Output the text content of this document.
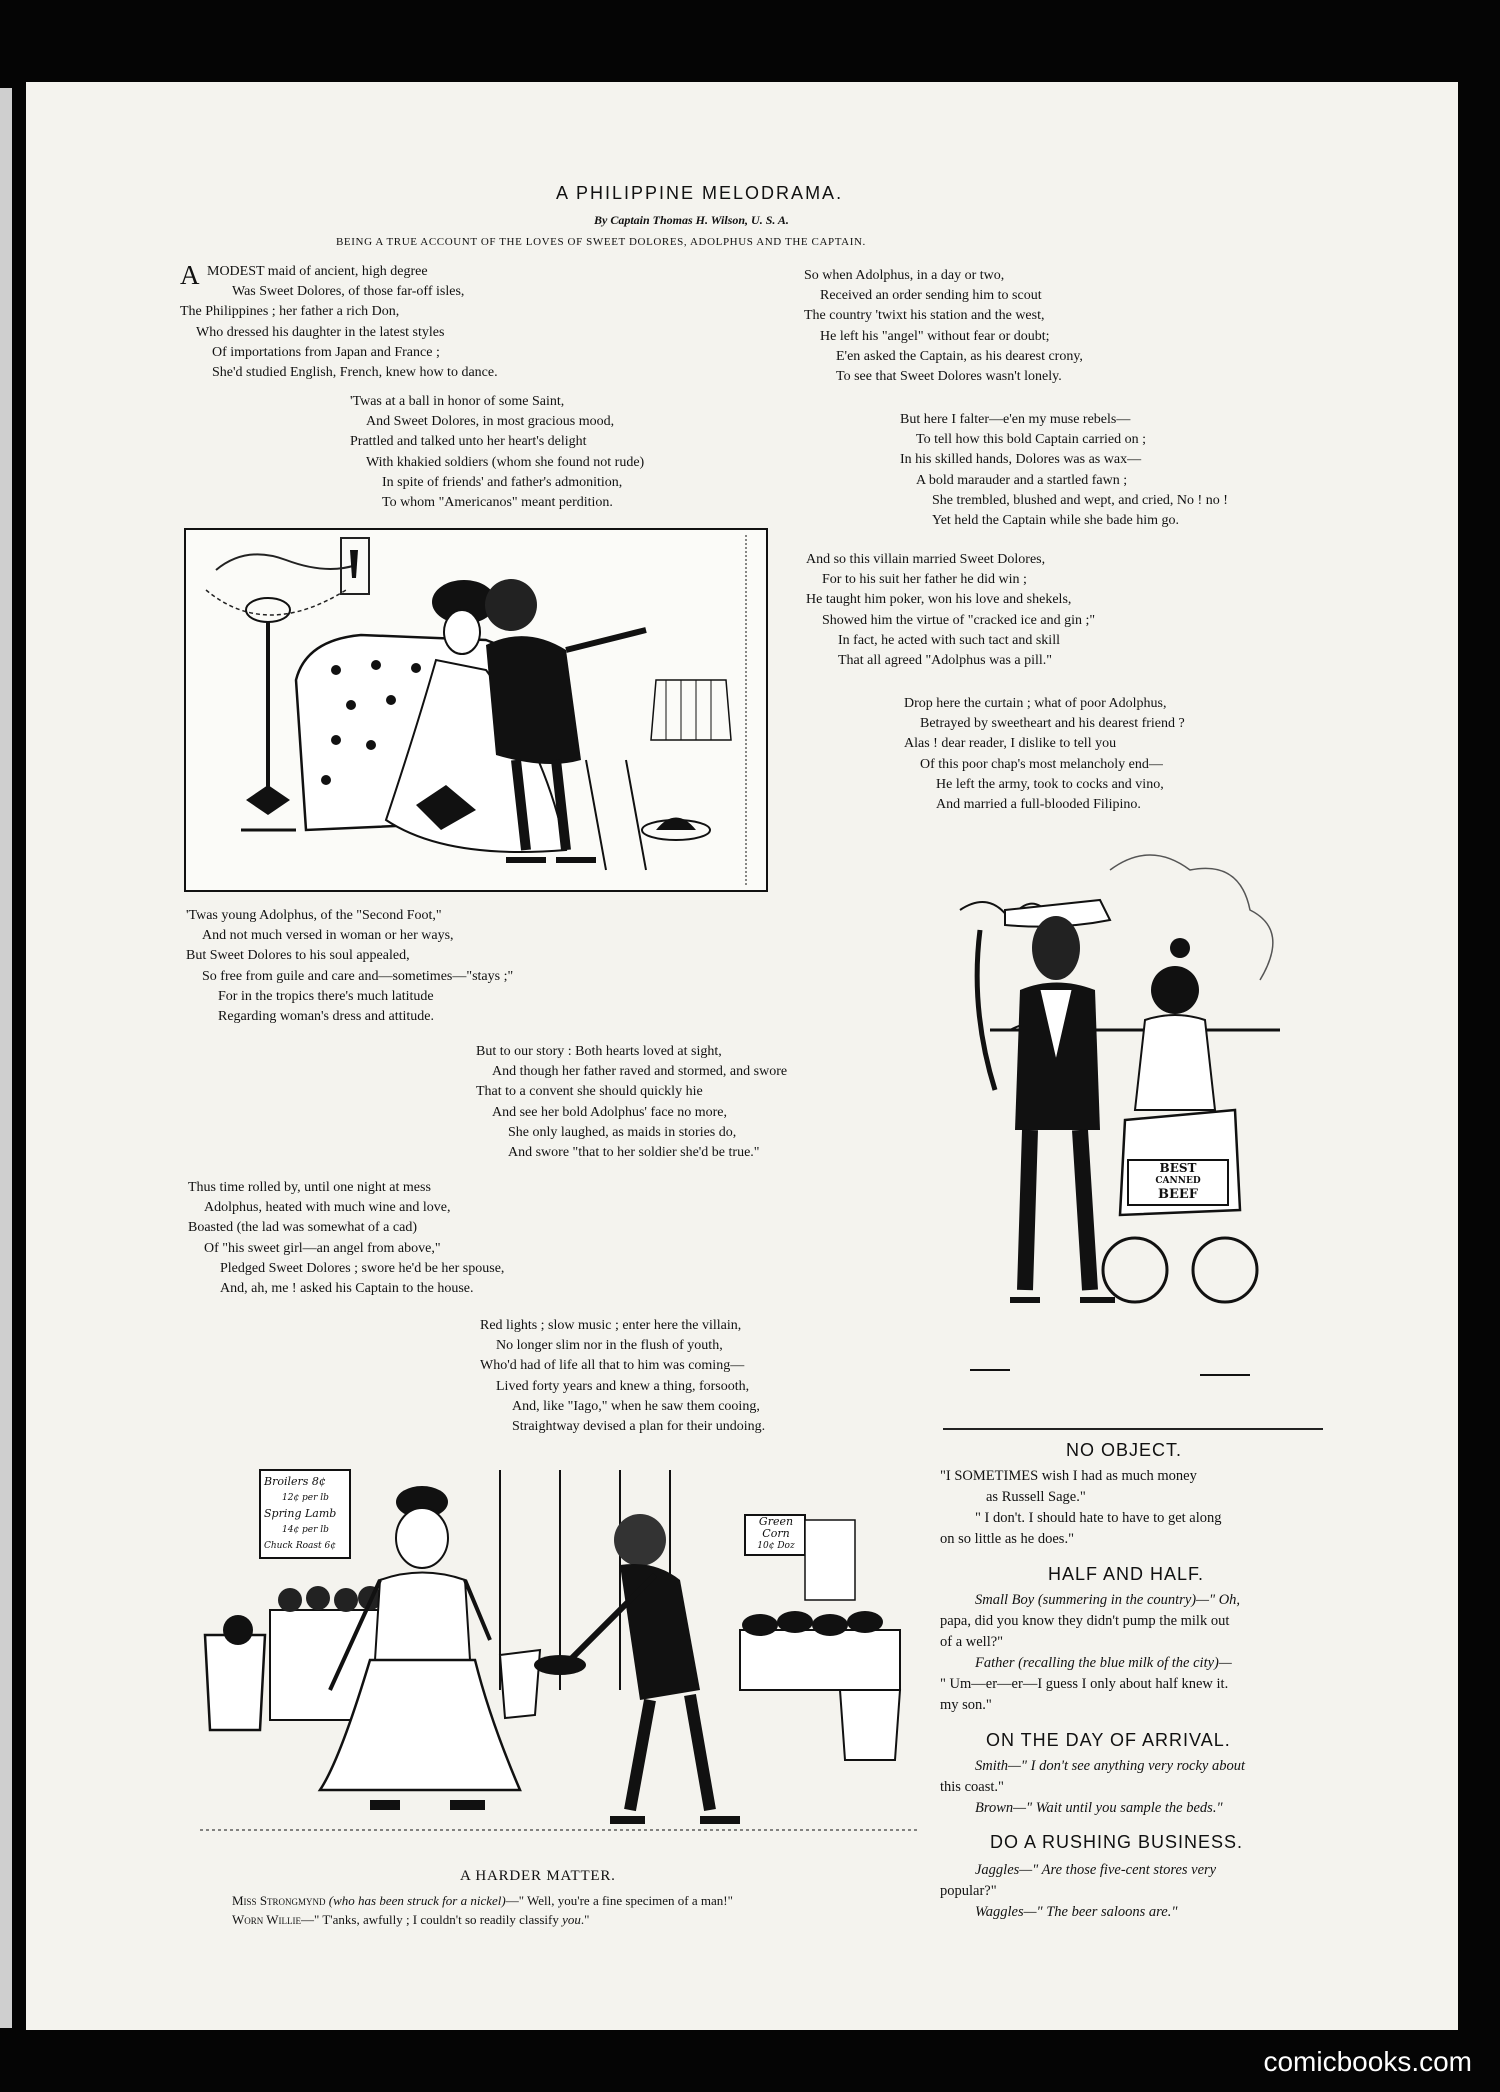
A PHILIPPINE MELODRAMA.
By Captain Thomas H. Wilson, U. S. A.
BEING A TRUE ACCOUNT OF THE LOVES OF SWEET DOLORES, ADOLPHUS AND THE CAPTAIN.
A MODEST maid of ancient, high degree
Was Sweet Dolores, of those far-off isles,
The Philippines ; her father a rich Don,
Who dressed his daughter in the latest styles
Of importations from Japan and France ;
She'd studied English, French, knew how to dance.
'Twas at a ball in honor of some Saint,
And Sweet Dolores, in most gracious mood,
Prattled and talked unto her heart's delight
With khakied soldiers (whom she found not rude)
In spite of friends' and father's admonition,
To whom "Americanos" meant perdition.
'Twas young Adolphus, of the "Second Foot,"
And not much versed in woman or her ways,
But Sweet Dolores to his soul appealed,
So free from guile and care and—sometimes—"stays ;"
For in the tropics there's much latitude
Regarding woman's dress and attitude.
But to our story : Both hearts loved at sight,
And though her father raved and stormed, and swore
That to a convent she should quickly hie
And see her bold Adolphus' face no more,
She only laughed, as maids in stories do,
And swore "that to her soldier she'd be true."
Thus time rolled by, until one night at mess
Adolphus, heated with much wine and love,
Boasted (the lad was somewhat of a cad)
Of "his sweet girl—an angel from above,"
Pledged Sweet Dolores ; swore he'd be her spouse,
And, ah, me ! asked his Captain to the house.
Red lights ; slow music ; enter here the villain,
No longer slim nor in the flush of youth,
Who'd had of life all that to him was coming—
Lived forty years and knew a thing, forsooth,
And, like "Iago," when he saw them cooing,
Straightway devised a plan for their undoing.
So when Adolphus, in a day or two,
Received an order sending him to scout
The country 'twixt his station and the west,
He left his "angel" without fear or doubt;
E'en asked the Captain, as his dearest crony,
To see that Sweet Dolores wasn't lonely.
But here I falter—e'en my muse rebels—
To tell how this bold Captain carried on ;
In his skilled hands, Dolores was as wax—
A bold marauder and a startled fawn ;
She trembled, blushed and wept, and cried, No ! no !
Yet held the Captain while she bade him go.
And so this villain married Sweet Dolores,
For to his suit her father he did win ;
He taught him poker, won his love and shekels,
Showed him the virtue of "cracked ice and gin ;"
In fact, he acted with such tact and skill
That all agreed "Adolphus was a pill."
Drop here the curtain ; what of poor Adolphus,
Betrayed by sweetheart and his dearest friend ?
Alas ! dear reader, I dislike to tell you
Of this poor chap's most melancholy end—
He left the army, took to cocks and vino,
And married a full-blooded Filipino.
BEST
CANNED
BEEF
Broilers 8¢
12¢ per lb
Spring Lamb
14¢ per lb
Chuck Roast 6¢
Green
Corn
10¢ Doz
A HARDER MATTER.
Miss Strongmynd (who has been struck for a nickel)—" Well, you're a fine specimen of a man!"
Worn Willie—" T'anks, awfully ; I couldn't so readily classify you."
NO OBJECT.
"I SOMETIMES wish I had as much money
as Russell Sage."
" I don't. I should hate to have to get along
on so little as he does."
HALF AND HALF.
Small Boy (summering in the country)—" Oh,
papa, did you know they didn't pump the milk out
of a well?"
Father (recalling the blue milk of the city)—
" Um—er—er—I guess I only about half knew it.
my son."
ON THE DAY OF ARRIVAL.
Smith—" I don't see anything very rocky about
this coast."
Brown—" Wait until you sample the beds."
DO A RUSHING BUSINESS.
Jaggles—" Are those five-cent stores very
popular?"
Waggles—" The beer saloons are."
comicbooks.com
